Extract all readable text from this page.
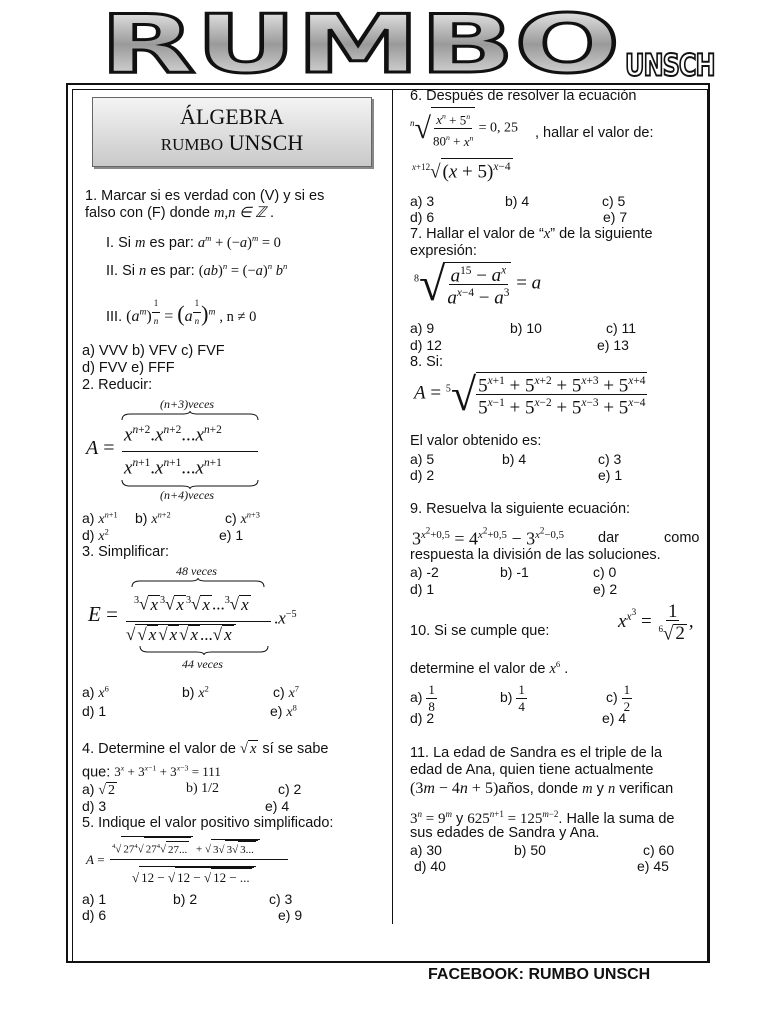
RUMBO UNSCH
ÁLGEBRA
RUMBO UNSCH
1. Marcar si es verdad con (V) y si es
falso con (F) donde m,n ∈ ℤ .
I. Si m es par: $a^m + (-a)^m = 0$
II. Si n es par: $(ab)^n = (-a)^n$ $b^n$
III. $(a^m) ^{\frac{1}{n}} = (a$ $^{\frac{1}{n}}$ )$^m$ , n ≠ 0
a) VVV b) VFV c) FVF
d) FVV e) FFF
2. Reducir:
(n+3)veces
A =
$x^{n+2}.x^{n+2}...x^{n+2}$
$x^{n+1}.x^{n+1}...x^{n+1}$
(n+4)veces
a) $x^{n+1}$ b) $x^{n+2}$	c) $x^{n+3}$
d) $x^2$	e) 1
3. Simplificar:
48 veces
E =
$^3$√ x $^3$√ x $^3$√ x ...$^3$√ x
√ √ x √ x √ x ...√ x
44 veces
$.x^{-5}$
a) $x^6$	b) $x^2$	c) $x^7$
d) 1	e) $x^8$
4. Determine el valor de √ x sí se sabe
que: $3^x + 3^{x-1} + 3^{x-3} = 111$
a) √ 2	b) 1/2	c) 2
d) 3	e) 4
5. Indique el valor positivo simplificado:
A =
$^4$√ $27^4√$ $27^4√$ 27... + √ 3√ 3√ 3...
√ 12 − √ 12 − √ 12 − ...
a) 1	b) 2	c) 3
d) 6	e) 9
6. Después de resolver la ecuación
$^n√ \frac{x^n + 5^n}{80^n + x^n} = 0$, 25 , hallar el valor de:
$^{x+12}$√ $(x + 5)^{x-4}$
a) 3	b) 4	c) 5
d) 6	e) 7
7. Hallar el valor de “x” de la siguiente
expresión:
$^8√ \frac{a^{15} - a^x}{a^{x-4} - a^3} = a$
a) 9	b) 10	c) 11
d) 12	e) 13
8. Si:
$A = ^5√ \frac{5^{x+1} + 5^{x+2} + 5^{x+3} + 5^{x+4}}{5^{x-1} + 5^{x-2} + 5^{x-3} + 5^{x-4}}$
El valor obtenido es:
a) 5	b) 4	c) 3
d) 2	e) 1
9. Resuelva la siguiente ecuación:
$3^{x^2+0,5} = 4^{x^2+0,5} - 3^{x^2-0,5}$ dar	como
respuesta la división de las soluciones.
a) -2	b) -1	c) 0
d) 1	e) 2
10. Si se cumple que:	$x^{x^3} = \frac{1}{^6√ 2}$ ,
determine el valor de $x^6$ .
$a) \frac{1}{8}$	$b) \frac{1}{4}$	$c) \frac{1}{2}$
d) 2	e) 4
11. La edad de Sandra es el triple de la
edad de Ana, quien tiene actualmente
(3m − 4n + 5)años, donde m y n verifican
$3^n = 9^m$ y $625^{n+1} = 125^{m-2}$. Halle la suma de
sus edades de Sandra y Ana.
a) 30	b) 50	c) 60
d) 40	e) 45
FACEBOOK: RUMBO UNSCH
